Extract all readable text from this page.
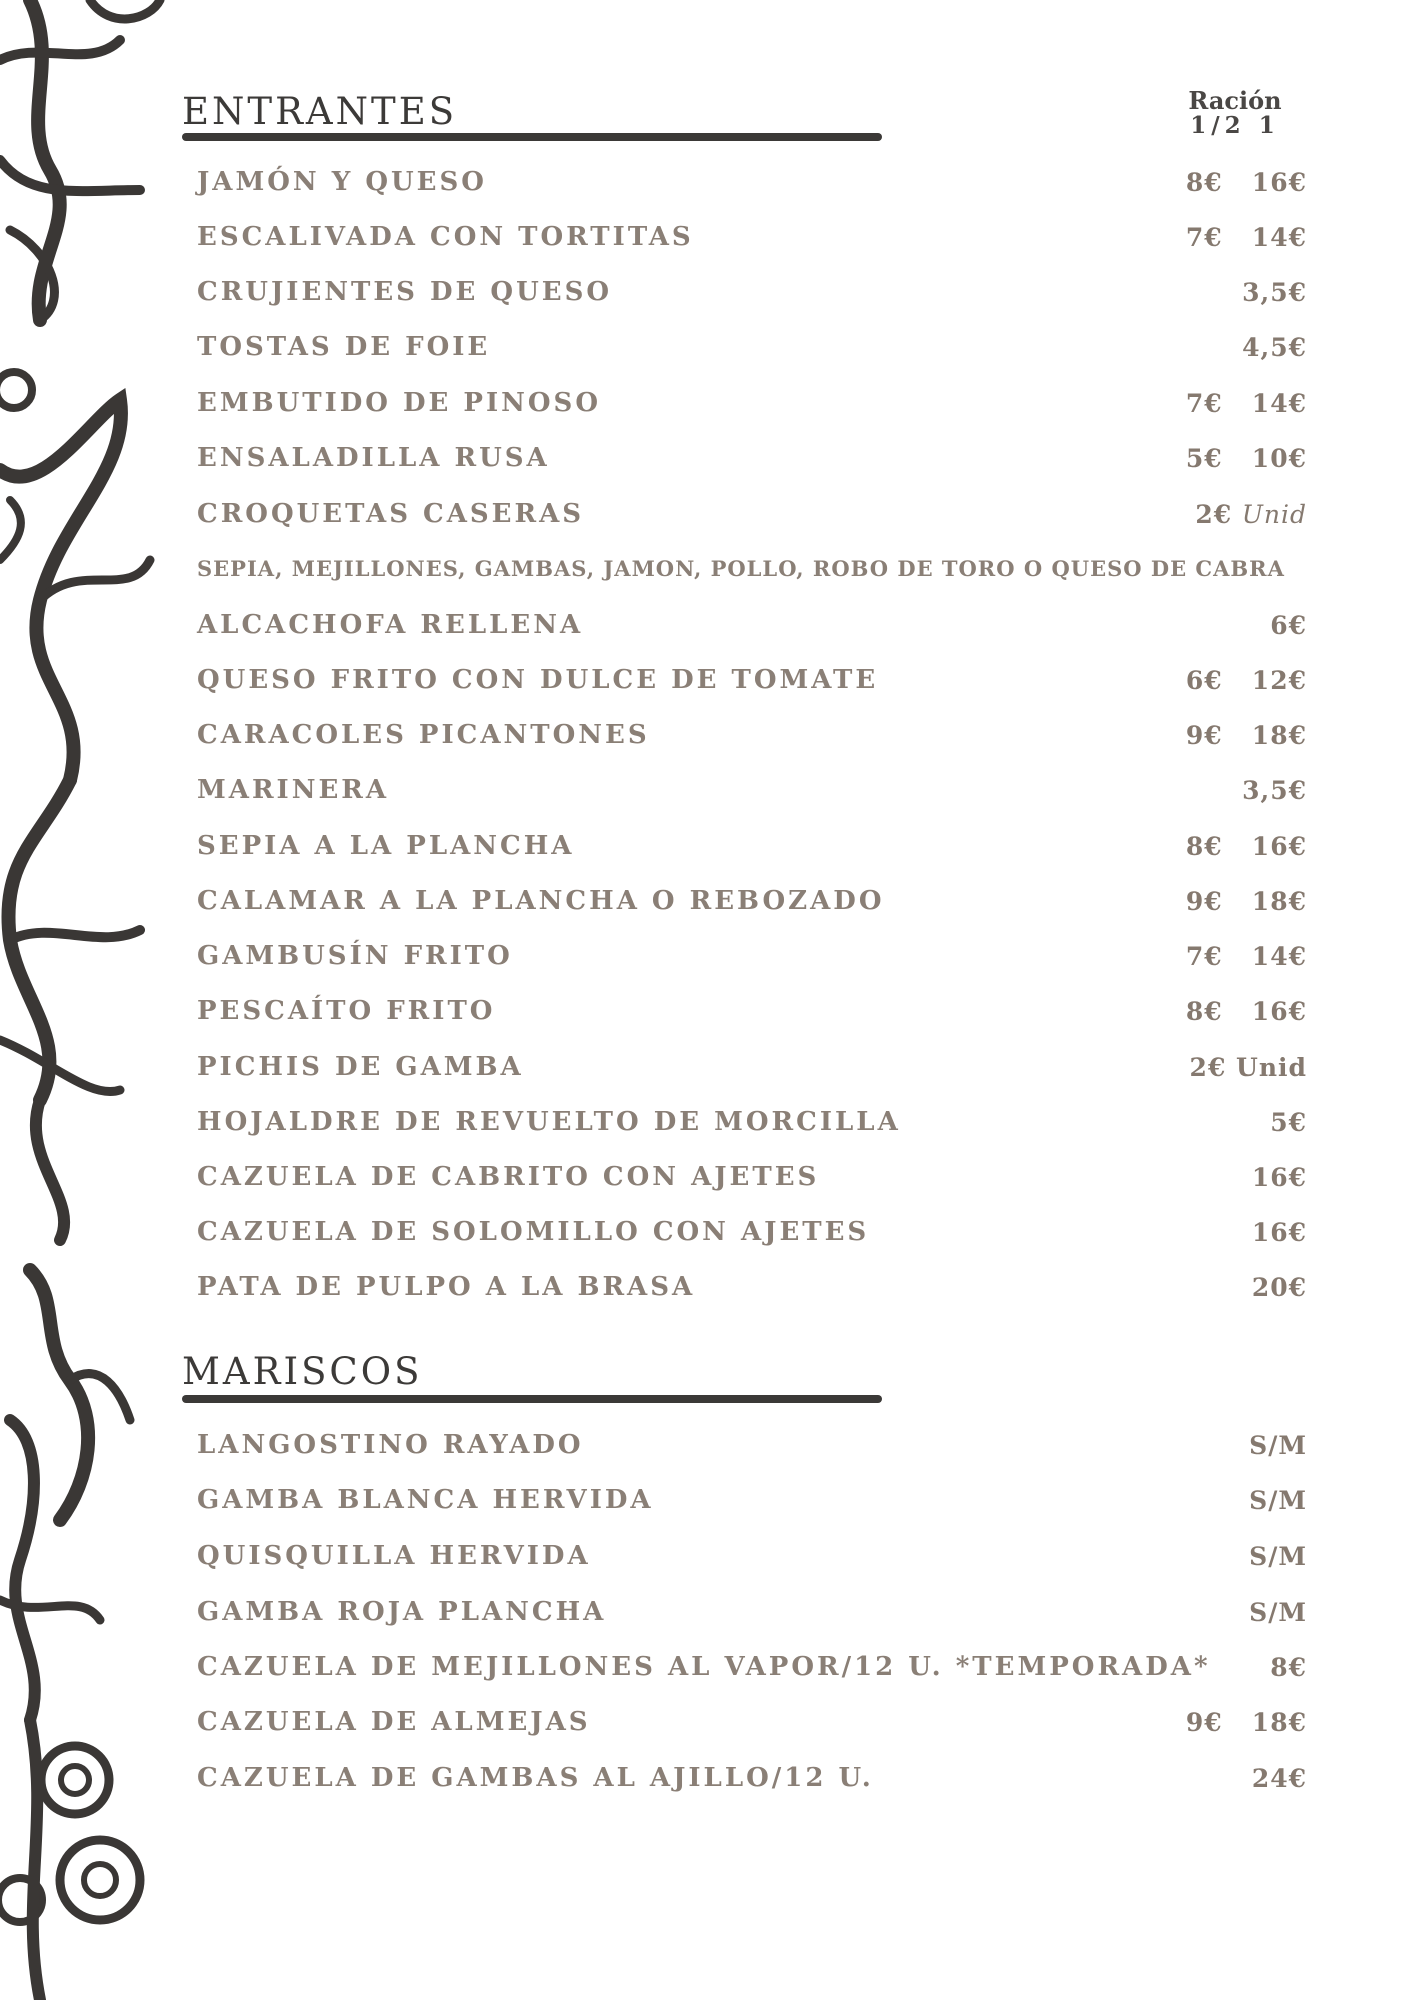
ENTRANTES	Ración
1/2 1
JAMÓN Y QUESO	8€   16€
ESCALIVADA CON TORTITAS	7€   14€
CRUJIENTES DE QUESO	3,5€
TOSTAS DE FOIE	4,5€
EMBUTIDO DE PINOSO	7€   14€
ENSALADILLA RUSA	5€   10€
CROQUETAS CASERAS	2€ Unid
SEPIA, MEJILLONES, GAMBAS, JAMON, POLLO, ROBO DE TORO O QUESO DE CABRA
ALCACHOFA RELLENA	6€
QUESO FRITO CON DULCE DE TOMATE	6€   12€
CARACOLES PICANTONES	9€   18€
MARINERA	3,5€
SEPIA A LA PLANCHA	8€   16€
CALAMAR A LA PLANCHA O REBOZADO	9€   18€
GAMBUSÍN FRITO	7€   14€
PESCAÍTO FRITO	8€   16€
PICHIS DE GAMBA	2€ Unid
HOJALDRE DE REVUELTO DE MORCILLA	5€
CAZUELA DE CABRITO CON AJETES	16€
CAZUELA DE SOLOMILLO CON AJETES	16€
PATA DE PULPO A LA BRASA	20€
MARISCOS
LANGOSTINO RAYADO	S/M
GAMBA BLANCA HERVIDA	S/M
QUISQUILLA HERVIDA	S/M
GAMBA ROJA PLANCHA	S/M
CAZUELA DE MEJILLONES AL VAPOR/12 U. *TEMPORADA*	8€
CAZUELA DE ALMEJAS	9€   18€
CAZUELA DE GAMBAS AL AJILLO/12 U.	24€
